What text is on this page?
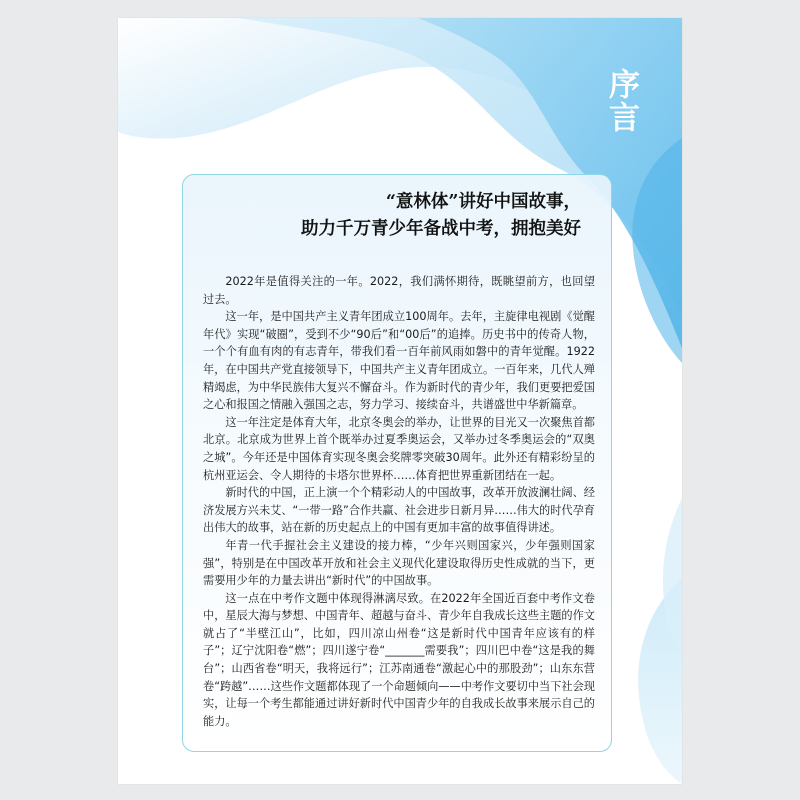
序言
“意林体”讲好中国故事，
助力千万青少年备战中考，拥抱美好

2022年是值得关注的一年。2022，我们满怀期待，既眺望前方，也回望过去。

这一年，是中国共产主义青年团成立100周年。去年，主旋律电视剧《觉醒年代》实现“破圈”，受到不少“90后”和“00后”的追捧。历史书中的传奇人物，一个个有血有肉的有志青年，带我们看一百年前风雨如磐中的青年觉醒。1922年，在中国共产党直接领导下，中国共产主义青年团成立。一百年来，几代人殚精竭虑，为中华民族伟大复兴不懈奋斗。作为新时代的青少年，我们更要把爱国之心和报国之情融入强国之志，努力学习、接续奋斗，共谱盛世中华新篇章。

这一年注定是体育大年，北京冬奥会的举办，让世界的目光又一次聚焦首都北京。北京成为世界上首个既举办过夏季奥运会，又举办过冬季奥运会的“双奥之城”。今年还是中国体育实现冬奥会奖牌零突破30周年。此外还有精彩纷呈的杭州亚运会、令人期待的卡塔尔世界杯……体育把世界重新团结在一起。

新时代的中国，正上演一个个精彩动人的中国故事，改革开放波澜壮阔、经济发展方兴未艾、“一带一路”合作共赢、社会进步日新月异……伟大的时代孕育出伟大的故事，站在新的历史起点上的中国有更加丰富的故事值得讲述。

年青一代手握社会主义建设的接力棒，“少年兴则国家兴，少年强则国家强”，特别是在中国改革开放和社会主义现代化建设取得历史性成就的当下，更需要用少年的力量去讲出“新时代”的中国故事。

这一点在中考作文题中体现得淋漓尽致。在2022年全国近百套中考作文卷中，星辰大海与梦想、中国青年、超越与奋斗、青少年自我成长这些主题的作文就占了“半壁江山”，比如，四川凉山州卷“这是新时代中国青年应该有的样子”；辽宁沈阳卷“燃”；四川遂宁卷“_______需要我”；四川巴中卷“这是我的舞台”；山西省卷“明天，我将远行”；江苏南通卷“激起心中的那股劲”；山东东营卷“跨越”……这些作文题都体现了一个命题倾向——中考作文要切中当下社会现实，让每一个考生都能通过讲好新时代中国青少年的自我成长故事来展示自己的能力。
